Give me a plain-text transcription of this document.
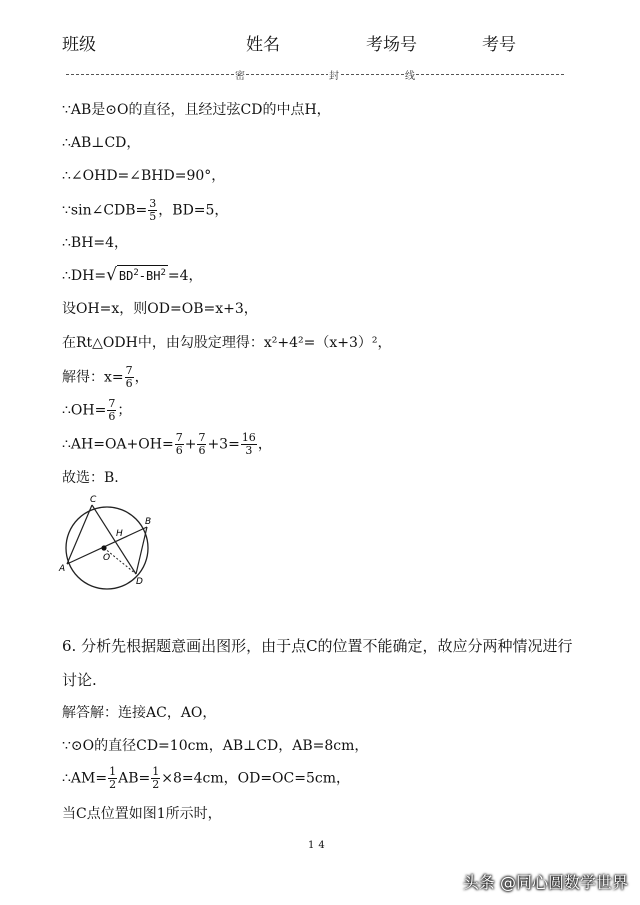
班级	姓名	考场号	考号
密	封	线
∵AB是⊙O的直径，且经过弦CD的中点H，
∴AB⊥CD，
∴∠OHD=∠BHD=90°，
∵sin∠CDB= $\frac{3}{5}$ ，BD=5，
∴BH=4，
∴DH=√ $BD^2-BH^2 =4$，
设OH=x，则OD=OB=x+3，
在Rt△ODH中，由勾股定理得：x²+4²=（x+3）²，
解得：$x= \frac{7}{6}$ ，
∴OH= $\frac{7}{6}$ ；
∴AH=OA+OH= $\frac{7}{6} + \frac{7}{6} +3= \frac{16}{3}$ ，
故选：B.
C
H
B
O
A
D
6. 分析先根据题意画出图形，由于点C的位置不能确定，故应分两种情况进行
讨论.
解答解：连接AC，AO，
∵⊙O的直径CD=10cm，AB⊥CD，AB=8cm，
∴AM= $\frac{1}{2} AB= \frac{1}{2} \times 8=4cm$，OD=OC=5cm，
当C点位置如图1所示时，
14
头条 @同心圆数学世界
